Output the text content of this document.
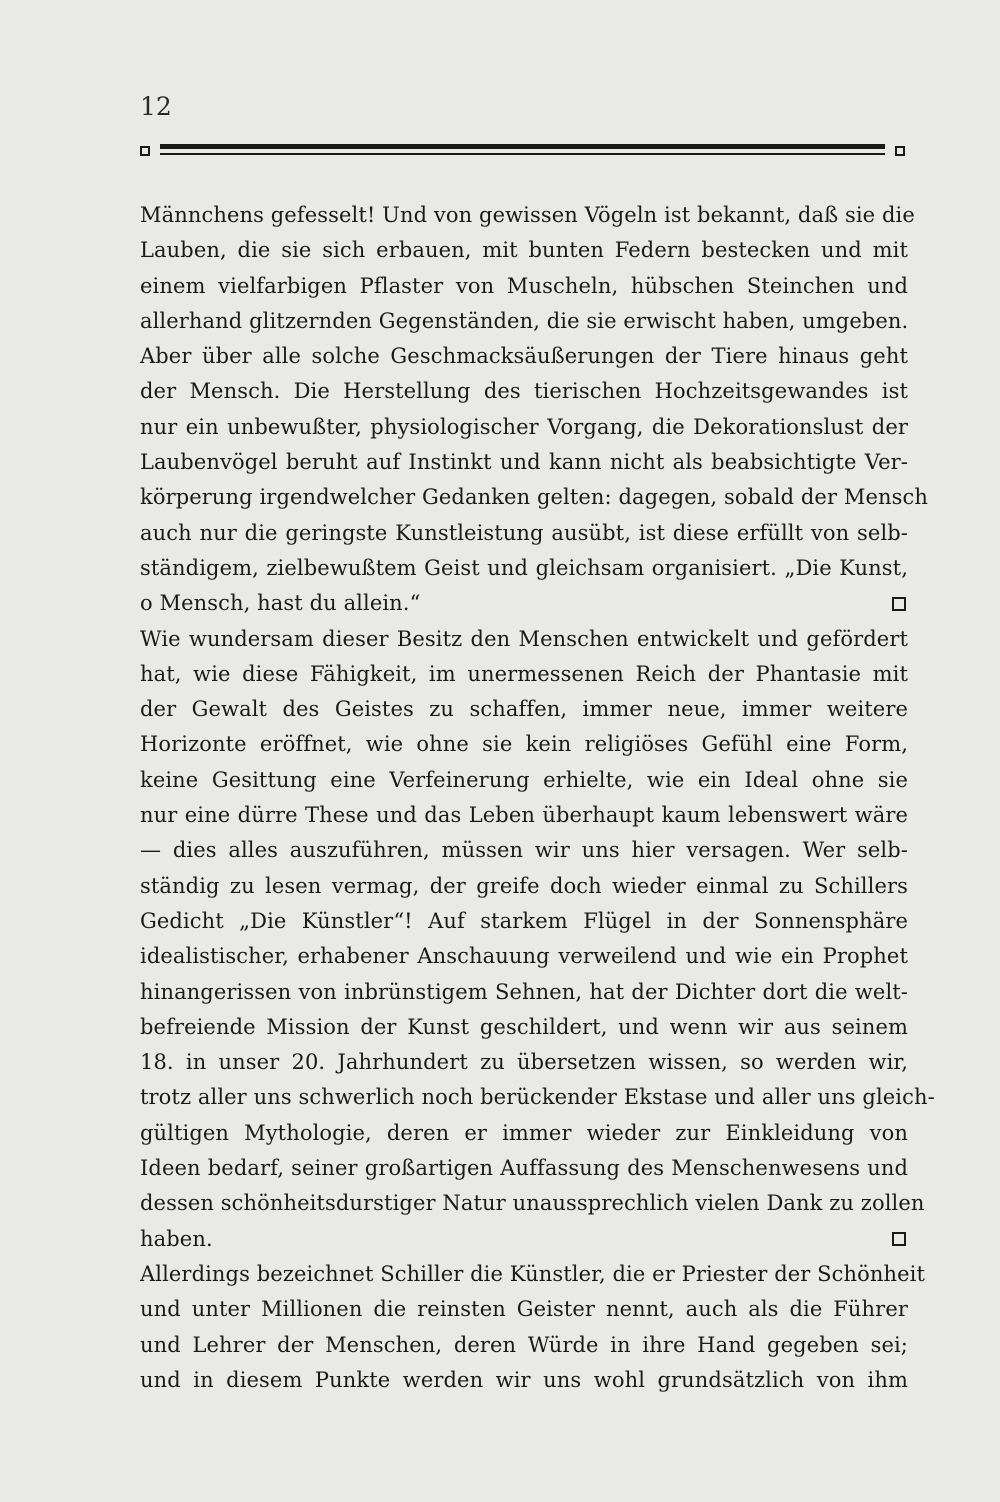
12
Männchens gefesselt! Und von gewissen Vögeln ist bekannt, daß sie die
Lauben, die sie sich erbauen, mit bunten Federn bestecken und mit
einem vielfarbigen Pflaster von Muscheln, hübschen Steinchen und
allerhand glitzernden Gegenständen, die sie erwischt haben, umgeben.
Aber über alle solche Geschmacksäußerungen der Tiere hinaus geht
der Mensch. Die Herstellung des tierischen Hochzeitsgewandes ist
nur ein unbewußter, physiologischer Vorgang, die Dekorationslust der
Laubenvögel beruht auf Instinkt und kann nicht als beabsichtigte Ver-
körperung irgendwelcher Gedanken gelten: dagegen, sobald der Mensch
auch nur die geringste Kunstleistung ausübt, ist diese erfüllt von selb-
ständigem, zielbewußtem Geist und gleichsam organisiert. „Die Kunst,
o Mensch, hast du allein.“
Wie wundersam dieser Besitz den Menschen entwickelt und gefördert
hat, wie diese Fähigkeit, im unermessenen Reich der Phantasie mit
der Gewalt des Geistes zu schaffen, immer neue, immer weitere
Horizonte eröffnet, wie ohne sie kein religiöses Gefühl eine Form,
keine Gesittung eine Verfeinerung erhielte, wie ein Ideal ohne sie
nur eine dürre These und das Leben überhaupt kaum lebenswert wäre
— dies alles auszuführen, müssen wir uns hier versagen. Wer selb-
ständig zu lesen vermag, der greife doch wieder einmal zu Schillers
Gedicht „Die Künstler“! Auf starkem Flügel in der Sonnensphäre
idealistischer, erhabener Anschauung verweilend und wie ein Prophet
hinangerissen von inbrünstigem Sehnen, hat der Dichter dort die welt-
befreiende Mission der Kunst geschildert, und wenn wir aus seinem
18. in unser 20. Jahrhundert zu übersetzen wissen, so werden wir,
trotz aller uns schwerlich noch berückender Ekstase und aller uns gleich-
gültigen Mythologie, deren er immer wieder zur Einkleidung von
Ideen bedarf, seiner großartigen Auffassung des Menschenwesens und
dessen schönheitsdurstiger Natur unaussprechlich vielen Dank zu zollen
haben.
Allerdings bezeichnet Schiller die Künstler, die er Priester der Schönheit
und unter Millionen die reinsten Geister nennt, auch als die Führer
und Lehrer der Menschen, deren Würde in ihre Hand gegeben sei;
und in diesem Punkte werden wir uns wohl grundsätzlich von ihm
